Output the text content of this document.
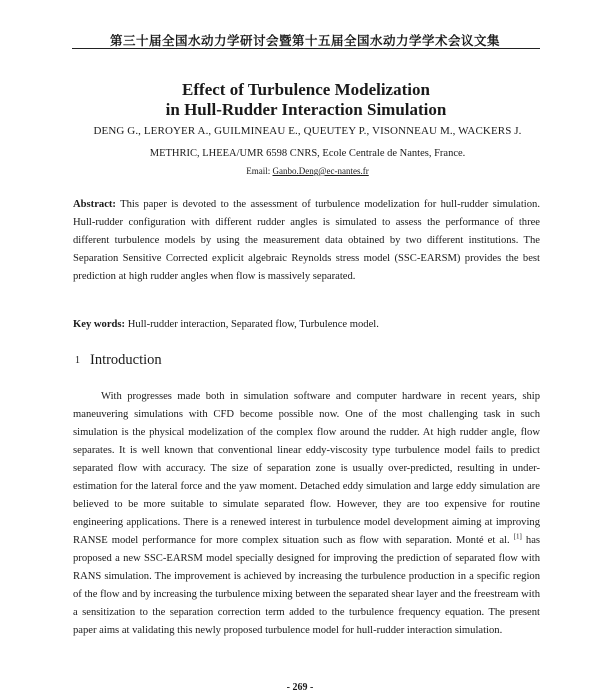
第三十届全国水动力学研讨会暨第十五届全国水动力学学术会议文集
Effect of Turbulence Modelization
in Hull-Rudder Interaction Simulation
DENG G., LEROYER A., GUILMINEAU E., QUEUTEY P., VISONNEAU M., WACKERS J.
METHRIC, LHEEA/UMR 6598 CNRS, Ecole Centrale de Nantes, France.
Email: Ganbo.Deng@ec-nantes.fr
Abstract: This paper is devoted to the assessment of turbulence modelization for hull-rudder simulation. Hull-rudder configuration with different rudder angles is simulated to assess the performance of three different turbulence models by using the measurement data obtained by two different institutions. The Separation Sensitive Corrected explicit algebraic Reynolds stress model (SSC-EARSM) provides the best prediction at high rudder angles when flow is massively separated.
Key words: Hull-rudder interaction, Separated flow, Turbulence model.
1 Introduction
With progresses made both in simulation software and computer hardware in recent years, ship maneuvering simulations with CFD become possible now. One of the most challenging task in such simulation is the physical modelization of the complex flow around the rudder. At high rudder angle, flow separates. It is well known that conventional linear eddy-viscosity type turbulence model fails to predict separated flow with accuracy. The size of separation zone is usually over-predicted, resulting in under-estimation for the lateral force and the yaw moment. Detached eddy simulation and large eddy simulation are believed to be more suitable to simulate separated flow. However, they are too expensive for routine engineering applications. There is a renewed interest in turbulence model development aiming at improving RANSE model performance for more complex situation such as flow with separation. Monté et al. [1] has proposed a new SSC-EARSM model specially designed for improving the prediction of separated flow with RANS simulation. The improvement is achieved by increasing the turbulence production in a specific region of the flow and by increasing the turbulence mixing between the separated shear layer and the freestream with a sensitization to the separation correction term added to the turbulence frequency equation. The present paper aims at validating this newly proposed turbulence model for hull-rudder interaction simulation.
- 269 -
